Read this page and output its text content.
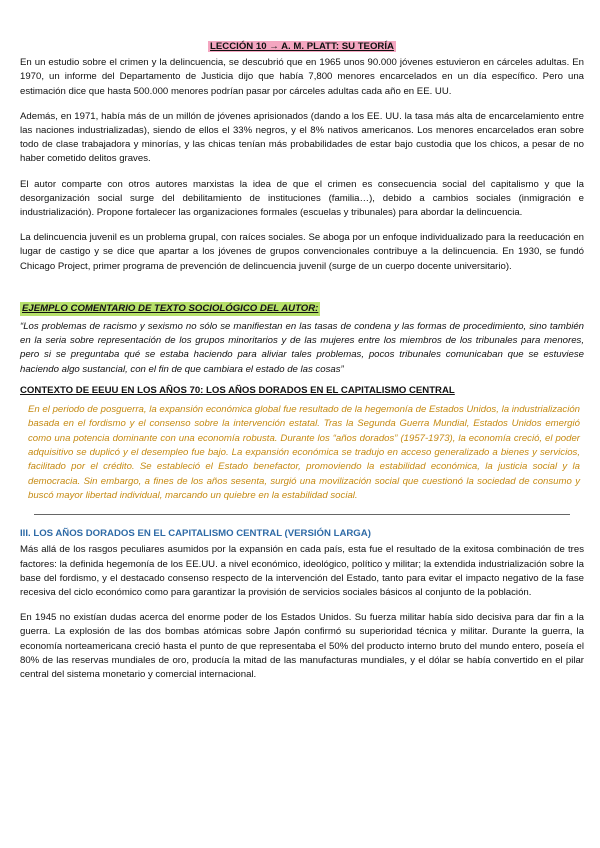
LECCIÓN 10 → A. M. PLATT: SU TEORÍA

En un estudio sobre el crimen y la delincuencia, se descubrió que en 1965 unos 90.000 jóvenes estuvieron en cárceles adultas. En 1970, un informe del Departamento de Justicia dijo que había 7,800 menores encarcelados en un día específico. Pero una estimación dice que hasta 500.000 menores podrían pasar por cárceles adultas cada año en EE. UU.

Además, en 1971, había más de un millón de jóvenes aprisionados (dando a los EE. UU. la tasa más alta de encarcelamiento entre las naciones industrializadas), siendo de ellos el 33% negros, y el 8% nativos americanos. Los menores encarcelados eran sobre todo de clase trabajadora y minorías, y las chicas tenían más probabilidades de estar bajo custodia que los chicos, a pesar de no haber cometido delitos graves.

El autor comparte con otros autores marxistas la idea de que el crimen es consecuencia social del capitalismo y que la desorganización social surge del debilitamiento de instituciones (familia…), debido a cambios sociales (inmigración e industrialización). Propone fortalecer las organizaciones formales (escuelas y tribunales) para abordar la delincuencia.

La delincuencia juvenil es un problema grupal, con raíces sociales. Se aboga por un enfoque individualizado para la reeducación en lugar de castigo y se dice que apartar a los jóvenes de grupos convencionales contribuye a la delincuencia. En 1930, se fundó Chicago Project, primer programa de prevención de delincuencia juvenil (surge de un cuerpo docente universitario).

EJEMPLO COMENTARIO DE TEXTO SOCIOLÓGICO DEL AUTOR:

“Los problemas de racismo y sexismo no sólo se manifiestan en las tasas de condena y las formas de procedimiento, sino también en la seria sobre representación de los grupos minoritarios y de las mujeres entre los miembros de los tribunales para menores, pero si se preguntaba qué se estaba haciendo para aliviar tales problemas, pocos tribunales comunicaban que se estuviese haciendo algo sustancial, con el fin de que cambiara el estado de las cosas”

CONTEXTO DE EEUU EN LOS AÑOS 70: LOS AÑOS DORADOS EN EL CAPITALISMO CENTRAL
En el periodo de posguerra, la expansión económica global fue resultado de la hegemonía de Estados Unidos, la industrialización basada en el fordismo y el consenso sobre la intervención estatal. Tras la Segunda Guerra Mundial, Estados Unidos emergió como una potencia dominante con una economía robusta. Durante los “años dorados” (1957-1973), la economía creció, el poder adquisitivo se duplicó y el desempleo fue bajo. La expansión económica se tradujo en acceso generalizado a bienes y servicios, facilitado por el crédito. Se estableció el Estado benefactor, promoviendo la estabilidad económica, la justicia social y la democracia. Sin embargo, a fines de los años sesenta, surgió una movilización social que cuestionó la sociedad de consumo y buscó mayor libertad individual, marcando un quiebre en la estabilidad social.
III. LOS AÑOS DORADOS EN EL CAPITALISMO CENTRAL (VERSIÓN LARGA)

Más allá de los rasgos peculiares asumidos por la expansión en cada país, esta fue el resultado de la exitosa combinación de tres factores: la definida hegemonía de los EE.UU. a nivel económico, ideológico, político y militar; la extendida industrialización sobre la base del fordismo, y el destacado consenso respecto de la intervención del Estado, tanto para evitar el impacto negativo de la fase recesiva del ciclo económico como para garantizar la provisión de servicios sociales básicos al conjunto de la población.

En 1945 no existían dudas acerca del enorme poder de los Estados Unidos. Su fuerza militar había sido decisiva para dar fin a la guerra. La explosión de las dos bombas atómicas sobre Japón confirmó su superioridad técnica y militar. Durante la guerra, la economía norteamericana creció hasta el punto de que representaba el 50% del producto interno bruto del mundo entero, poseía el 80% de las reservas mundiales de oro, producía la mitad de las manufacturas mundiales, y el dólar se había convertido en el pilar central del sistema monetario y comercial internacional.
